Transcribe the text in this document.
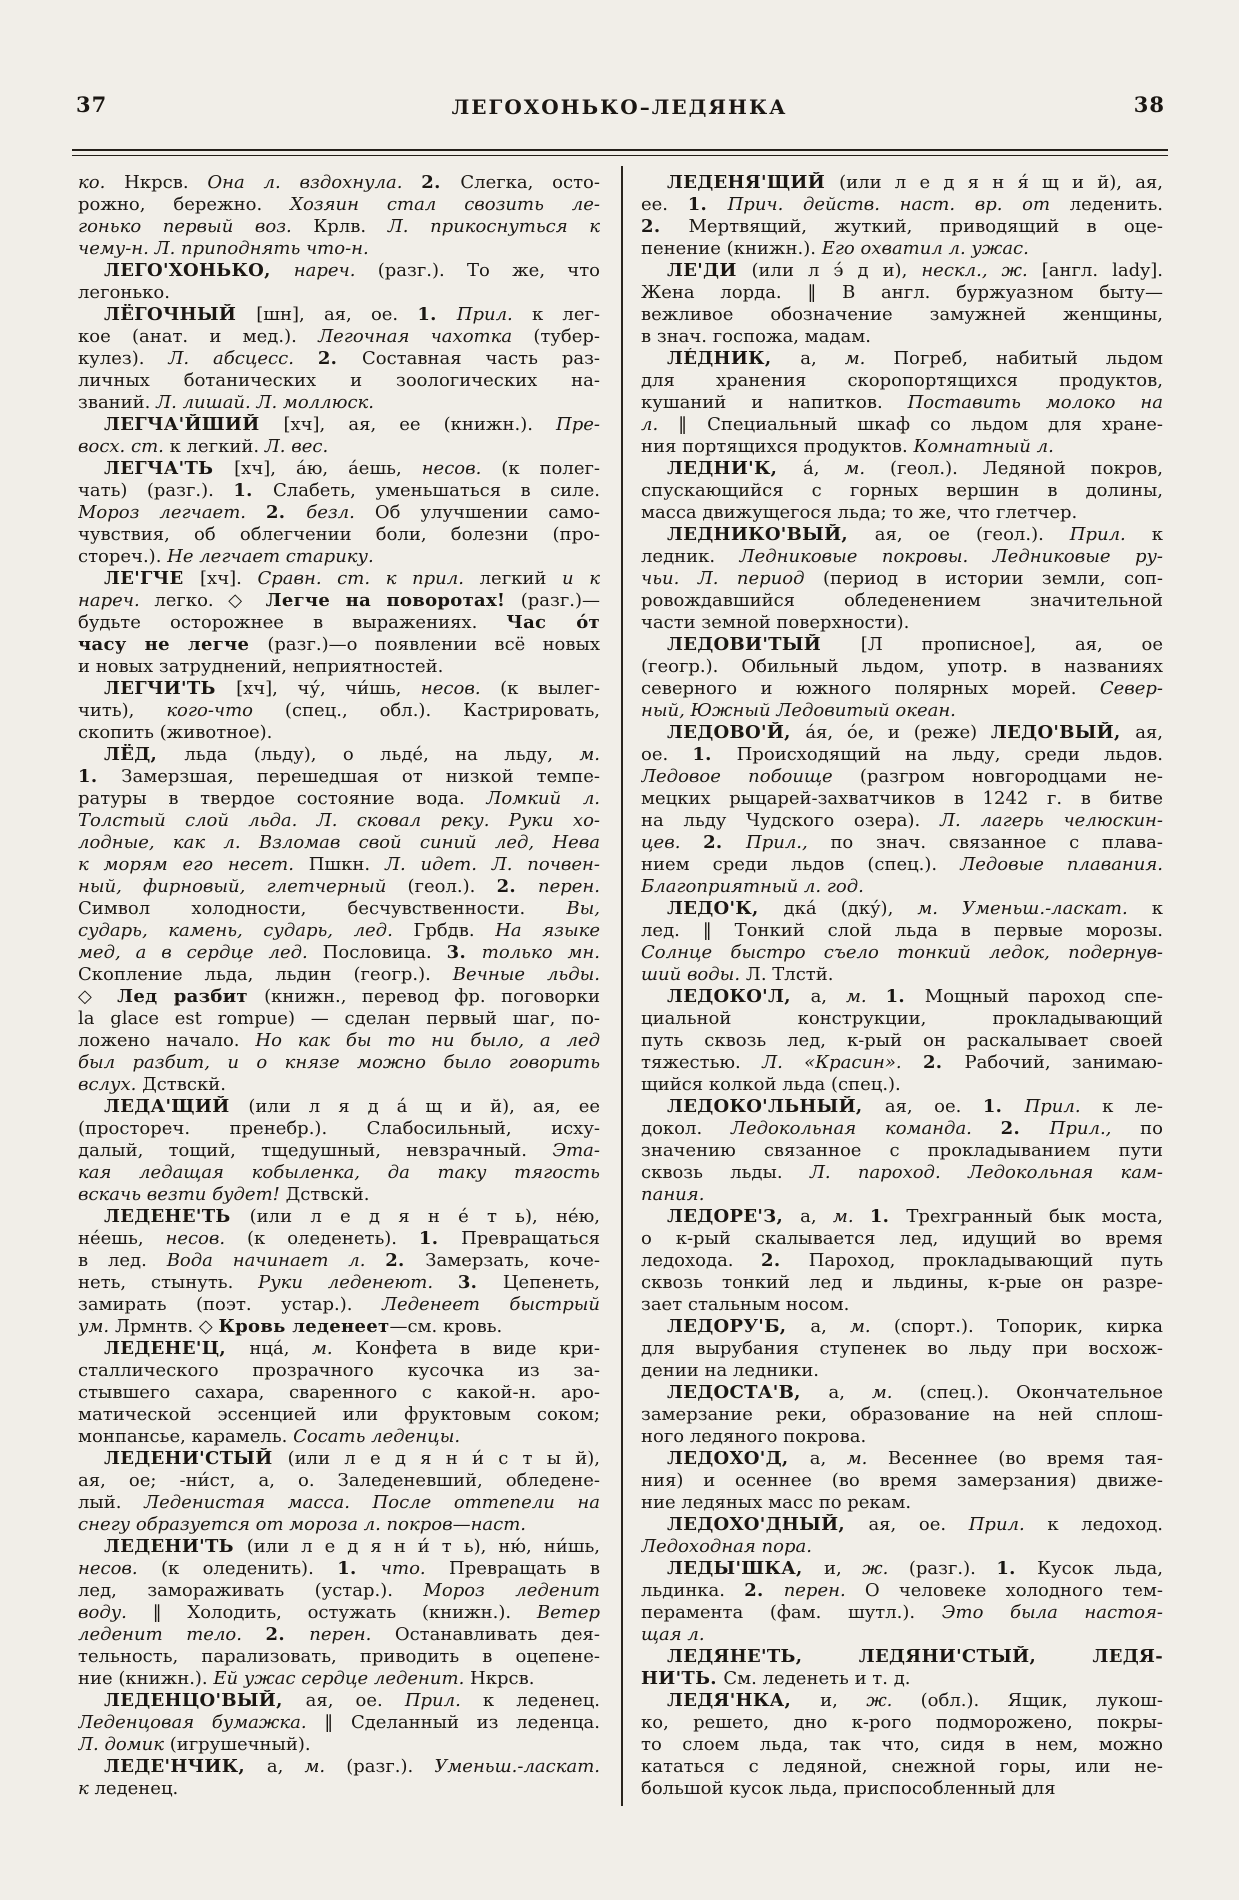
37	ЛЕГОХОНЬКО–ЛЕДЯНКА	38
ко. Нкрсв. Она л. вздохнула. 2. Слегка, осто-
рожно, бережно. Хозяин стал свозить ле-
гонько первый воз. Крлв. Л. прикоснуться к
чему-н. Л. приподнять что-н.
ЛЕГО'ХОНЬКО, нареч. (разг.). То же, что
легонько.
ЛЁГОЧНЫЙ [шн], ая, ое. 1. Прил. к лег-
кое (анат. и мед.). Легочная чахотка (тубер-
кулез). Л. абсцесс. 2. Составная часть раз-
личных ботанических и зоологических на-
званий. Л. лишай. Л. моллюск.
ЛЕГЧА'ЙШИЙ [хч], ая, ее (книжн.). Пре-
восх. ст. к легкий. Л. вес.
ЛЕГЧА'ТЬ [хч], а́ю, а́ешь, несов. (к полег-
чать) (разг.). 1. Слабеть, уменьшаться в силе.
Мороз легчает. 2. безл. Об улучшении само-
чувствия, об облегчении боли, болезни (про-
стореч.). Не легчает старику.
ЛЕ'ГЧЕ [хч]. Сравн. ст. к прил. легкий и к
нареч. легко. ◇ Легче на поворотах! (разг.)—
будьте осторожнее в выражениях. Час о́т
часу не легче (разг.)—о появлении всё новых
и новых затруднений, неприятностей.
ЛЕГЧИ'ТЬ [хч], чу́, чи́шь, несов. (к вылег-
чить), кого-что (спец., обл.). Кастрировать,
скопить (животное).
ЛЁД, льда (льду), о льде́, на льду, м.
1. Замерзшая, перешедшая от низкой темпе-
ратуры в твердое состояние вода. Ломкий л.
Толстый слой льда. Л. сковал реку. Руки хо-
лодные, как л. Взломав свой синий лед, Нева
к морям его несет. Пшкн. Л. идет. Л. почвен-
ный, фирновый, глетчерный (геол.). 2. перен.
Символ холодности, бесчувственности. Вы,
сударь, камень, сударь, лед. Грбдв. На языке
мед, а в сердце лед. Пословица. 3. только мн.
Скопление льда, льдин (геогр.). Вечные льды.
◇ Лед разбит (книжн., перевод фр. поговорки
la glace est rompue) — сделан первый шаг, по-
ложено начало. Но как бы то ни было, а лед
был разбит, и о князе можно было говорить
вслух. Дствскй.
ЛЕДА'ЩИЙ (или л я д а́ щ и й), ая, ее
(простореч. пренебр.). Слабосильный, исху-
далый, тощий, тщедушный, невзрачный. Эта-
кая ледащая кобыленка, да таку тягость
вскачь везти будет! Дствскй.
ЛЕДЕНЕ'ТЬ (или л е д я н е́ т ь), не́ю,
не́ешь, несов. (к оледенеть). 1. Превращаться
в лед. Вода начинает л. 2. Замерзать, коче-
неть, стынуть. Руки леденеют. 3. Цепенеть,
замирать (поэт. устар.). Леденеет быстрый
ум. Лрмнтв. ◇ Кровь леденеет—см. кровь.
ЛЕДЕНЕ'Ц, нца́, м. Конфета в виде кри-
сталлического прозрачного кусочка из за-
стывшего сахара, сваренного с какой-н. аро-
матической эссенцией или фруктовым соком;
монпансье, карамель. Сосать леденцы.
ЛЕДЕНИ'СТЫЙ (или л е д я н и́ с т ы й),
ая, ое; -ни́ст, а, о. Заледеневший, обледене-
лый. Леденистая масса. После оттепели на
снегу образуется от мороза л. покров—наст.
ЛЕДЕНИ'ТЬ (или л е д я н и́ т ь), ню́, ни́шь,
несов. (к оледенить). 1. что. Превращать в
лед, замораживать (устар.). Мороз леденит
воду. ‖ Холодить, остужать (книжн.). Ветер
леденит тело. 2. перен. Останавливать дея-
тельность, парализовать, приводить в оцепене-
ние (книжн.). Ей ужас сердце леденит. Нкрсв.
ЛЕДЕНЦО'ВЫЙ, ая, ое. Прил. к леденец.
Леденцовая бумажка. ‖ Сделанный из леденца.
Л. домик (игрушечный).
ЛЕДЕ'НЧИК, а, м. (разг.). Уменьш.-ласкат.
к леденец.
ЛЕДЕНЯ'ЩИЙ (или л е д я н я́ щ и й), ая,
ее. 1. Прич. действ. наст. вр. от леденить.
2. Мертвящий, жуткий, приводящий в оце-
пенение (книжн.). Его охватил л. ужас.
ЛЕ'ДИ (или л э́ д и), нескл., ж. [англ. lady].
Жена лорда. ‖ В англ. буржуазном быту—
вежливое обозначение замужней женщины,
в знач. госпожа, мадам.
ЛЕ́ДНИК, а, м. Погреб, набитый льдом
для хранения скоропортящихся продуктов,
кушаний и напитков. Поставить молоко на
л. ‖ Специальный шкаф со льдом для хране-
ния портящихся продуктов. Комнатный л.
ЛЕДНИ'К, а́, м. (геол.). Ледяной покров,
спускающийся с горных вершин в долины,
масса движущегося льда; то же, что глетчер.
ЛЕДНИКО'ВЫЙ, ая, ое (геол.). Прил. к
ледник. Ледниковые покровы. Ледниковые ру-
чьи. Л. период (период в истории земли, соп-
ровождавшийся обледенением значительной
части земной поверхности).
ЛЕДОВИ'ТЫЙ [Л прописное], ая, ое
(геогр.). Обильный льдом, употр. в названиях
северного и южного полярных морей. Север-
ный, Южный Ледовитый океан.
ЛЕДОВО'Й, а́я, о́е, и (реже) ЛЕДО'ВЫЙ, ая,
ое. 1. Происходящий на льду, среди льдов.
Ледовое побоище (разгром новгородцами не-
мецких рыцарей-захватчиков в 1242 г. в битве
на льду Чудского озера). Л. лагерь челюскин-
цев. 2. Прил., по знач. связанное с плава-
нием среди льдов (спец.). Ледовые плавания.
Благоприятный л. год.
ЛЕДО'К, дка́ (дку́), м. Уменьш.-ласкат. к
лед. ‖ Тонкий слой льда в первые морозы.
Солнце быстро съело тонкий ледок, подернув-
ший воды. Л. Тлстй.
ЛЕДОКО'Л, а, м. 1. Мощный пароход спе-
циальной конструкции, прокладывающий
путь сквозь лед, к-рый он раскалывает своей
тяжестью. Л. «Красин». 2. Рабочий, занимаю-
щийся колкой льда (спец.).
ЛЕДОКО'ЛЬНЫЙ, ая, ое. 1. Прил. к ле-
докол. Ледокольная команда. 2. Прил., по
значению связанное с прокладыванием пути
сквозь льды. Л. пароход. Ледокольная кам-
пания.
ЛЕДОРЕ'З, а, м. 1. Трехгранный бык моста,
о к-рый скалывается лед, идущий во время
ледохода. 2. Пароход, прокладывающий путь
сквозь тонкий лед и льдины, к-рые он разре-
зает стальным носом.
ЛЕДОРУ'Б, а, м. (спорт.). Топорик, кирка
для вырубания ступенек во льду при восхож-
дении на ледники.
ЛЕДОСТА'В, а, м. (спец.). Окончательное
замерзание реки, образование на ней сплош-
ного ледяного покрова.
ЛЕДОХО'Д, а, м. Весеннее (во время тая-
ния) и осеннее (во время замерзания) движе-
ние ледяных масс по рекам.
ЛЕДОХО'ДНЫЙ, ая, ое. Прил. к ледоход.
Ледоходная пора.
ЛЕДЫ'ШКА, и, ж. (разг.). 1. Кусок льда,
льдинка. 2. перен. О человеке холодного тем-
перамента (фам. шутл.). Это была настоя-
щая л.
ЛЕДЯНЕ'ТЬ, ЛЕДЯНИ'СТЫЙ, ЛЕДЯ-
НИ'ТЬ. См. леденеть и т. д.
ЛЕДЯ'НКА, и, ж. (обл.). Ящик, лукош-
ко, решето, дно к-рого подморожено, покры-
то слоем льда, так что, сидя в нем, можно
кататься с ледяной, снежной горы, или не-
большой кусок льда, приспособленный для
